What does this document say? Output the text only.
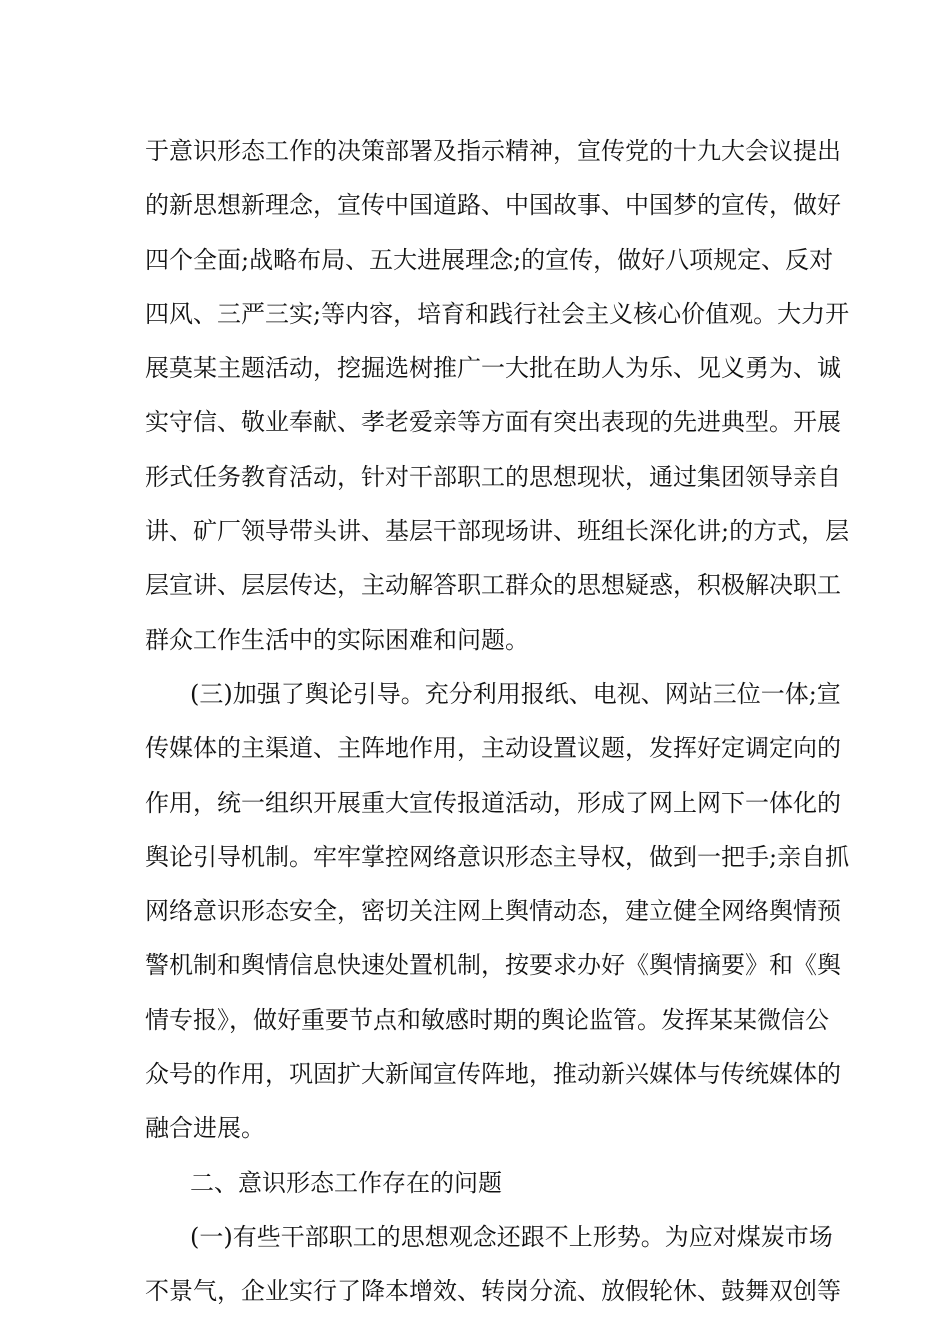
于意识形态工作的决策部署及指示精神，宣传党的十九大会议提出
的新思想新理念，宣传中国道路、中国故事、中国梦的宣传，做好
四个全面;战略布局、五大进展理念;的宣传，做好八项规定、反对
四风、三严三实;等内容，培育和践行社会主义核心价值观。大力开
展莫某主题活动，挖掘选树推广一大批在助人为乐、见义勇为、诚
实守信、敬业奉献、孝老爱亲等方面有突出表现的先进典型。开展
形式任务教育活动，针对干部职工的思想现状，通过集团领导亲自
讲、矿厂领导带头讲、基层干部现场讲、班组长深化讲;的方式，层
层宣讲、层层传达，主动解答职工群众的思想疑惑，积极解决职工
群众工作生活中的实际困难和问题。
(三)加强了舆论引导。充分利用报纸、电视、网站三位一体;宣
传媒体的主渠道、主阵地作用，主动设置议题，发挥好定调定向的
作用，统一组织开展重大宣传报道活动，形成了网上网下一体化的
舆论引导机制。牢牢掌控网络意识形态主导权，做到一把手;亲自抓
网络意识形态安全，密切关注网上舆情动态，建立健全网络舆情预
警机制和舆情信息快速处置机制，按要求办好《舆情摘要》和《舆
情专报》，做好重要节点和敏感时期的舆论监管。发挥某某微信公
众号的作用，巩固扩大新闻宣传阵地，推动新兴媒体与传统媒体的
融合进展。
二、意识形态工作存在的问题
(一)有些干部职工的思想观念还跟不上形势。为应对煤炭市场
不景气，企业实行了降本增效、转岗分流、放假轮休、鼓舞双创等
